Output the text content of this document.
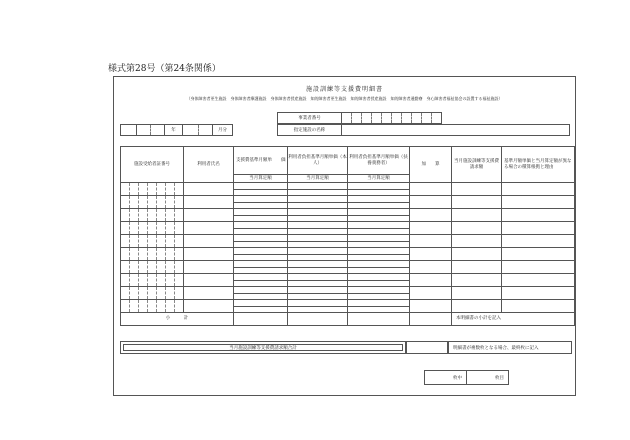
様式第28号（第24条関係）
施設訓練等支援費明細書
（身体障害者更生施設　身体障害者療護施設　身体障害者授産施設　知的障害者更生施設　知的障害者授産施設　知的障害者通勤寮　身心障害者福祉協会の設置する福祉施設）
事業者番号										
指定施設の名称	
			年			月分
施設受給者証番号							利用者氏名	支援費基準月額単　　価	利用者負担基準月額単価（本人）	利用者負担基準月額単価（扶養義務者）	加　　算	当月施設訓練等支援費請求額	基準月額単価と当月算定額が異なる場合の積算根拠と理由
								当月算定額	当月算定額	当月算定額			

小　　　計												本明細書の小計を記入	
当月施設訓練等支援費請求額合計	明細書が複数枚となる場合、最終枚に記入
枚中	枚目
